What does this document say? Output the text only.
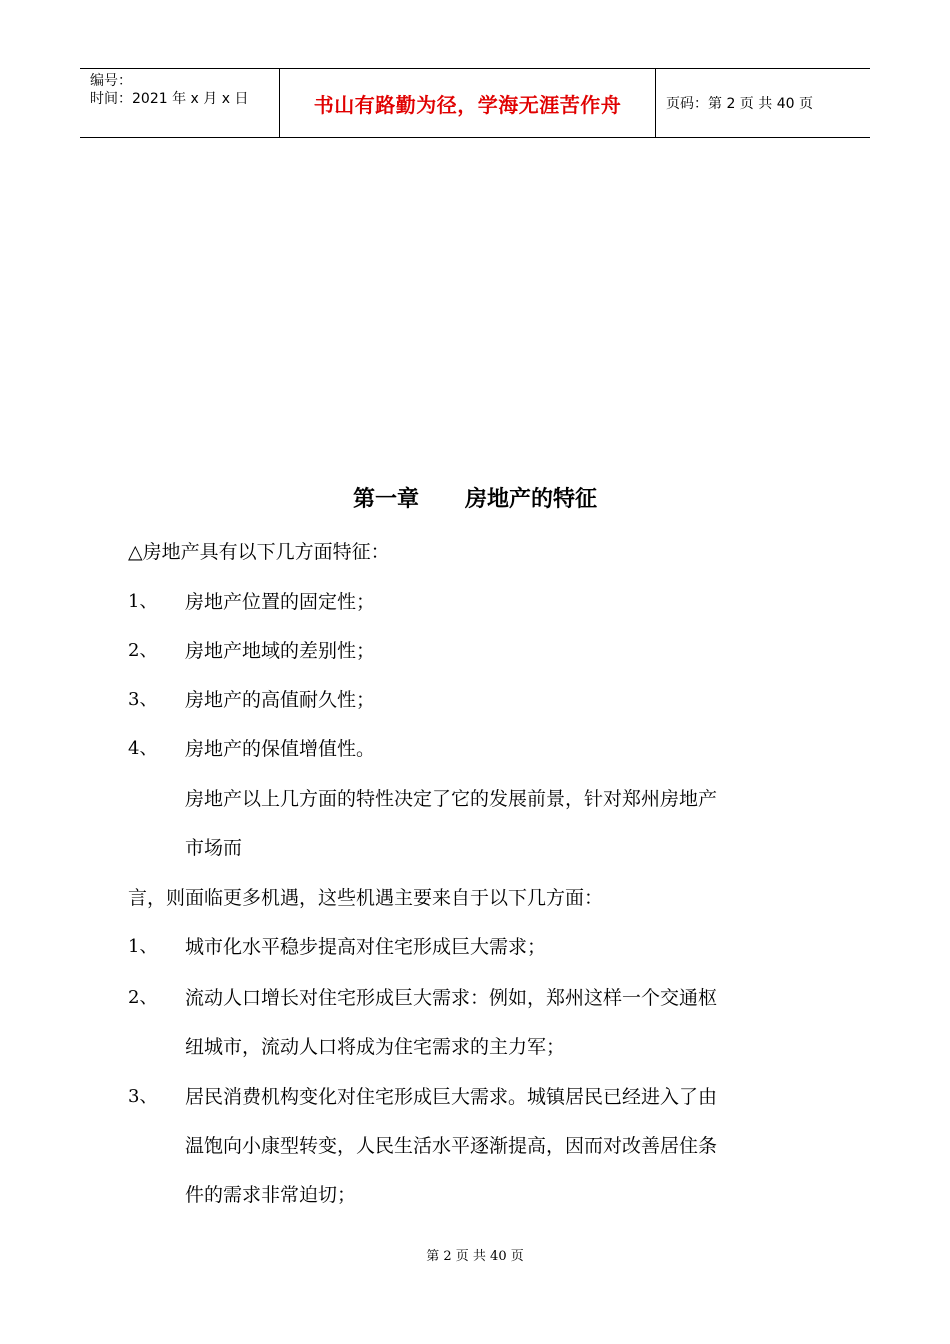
编号：
时间：2021 年 x 月 x 日	书山有路勤为径，学海无涯苦作舟	页码：第 2 页 共 40 页
第一章      房地产的特征
△房地产具有以下几方面特征：
1、 房地产位置的固定性；
2、 房地产地域的差别性；
3、 房地产的高值耐久性；
4、 房地产的保值增值性。
房地产以上几方面的特性决定了它的发展前景，针对郑州房地产
市场而
言，则面临更多机遇，这些机遇主要来自于以下几方面：
1、 城市化水平稳步提高对住宅形成巨大需求；
2、 流动人口增长对住宅形成巨大需求：例如，郑州这样一个交通枢
纽城市，流动人口将成为住宅需求的主力军；
3、 居民消费机构变化对住宅形成巨大需求。城镇居民已经进入了由
温饱向小康型转变，人民生活水平逐渐提高，因而对改善居住条
件的需求非常迫切；
第 2 页 共 40 页
